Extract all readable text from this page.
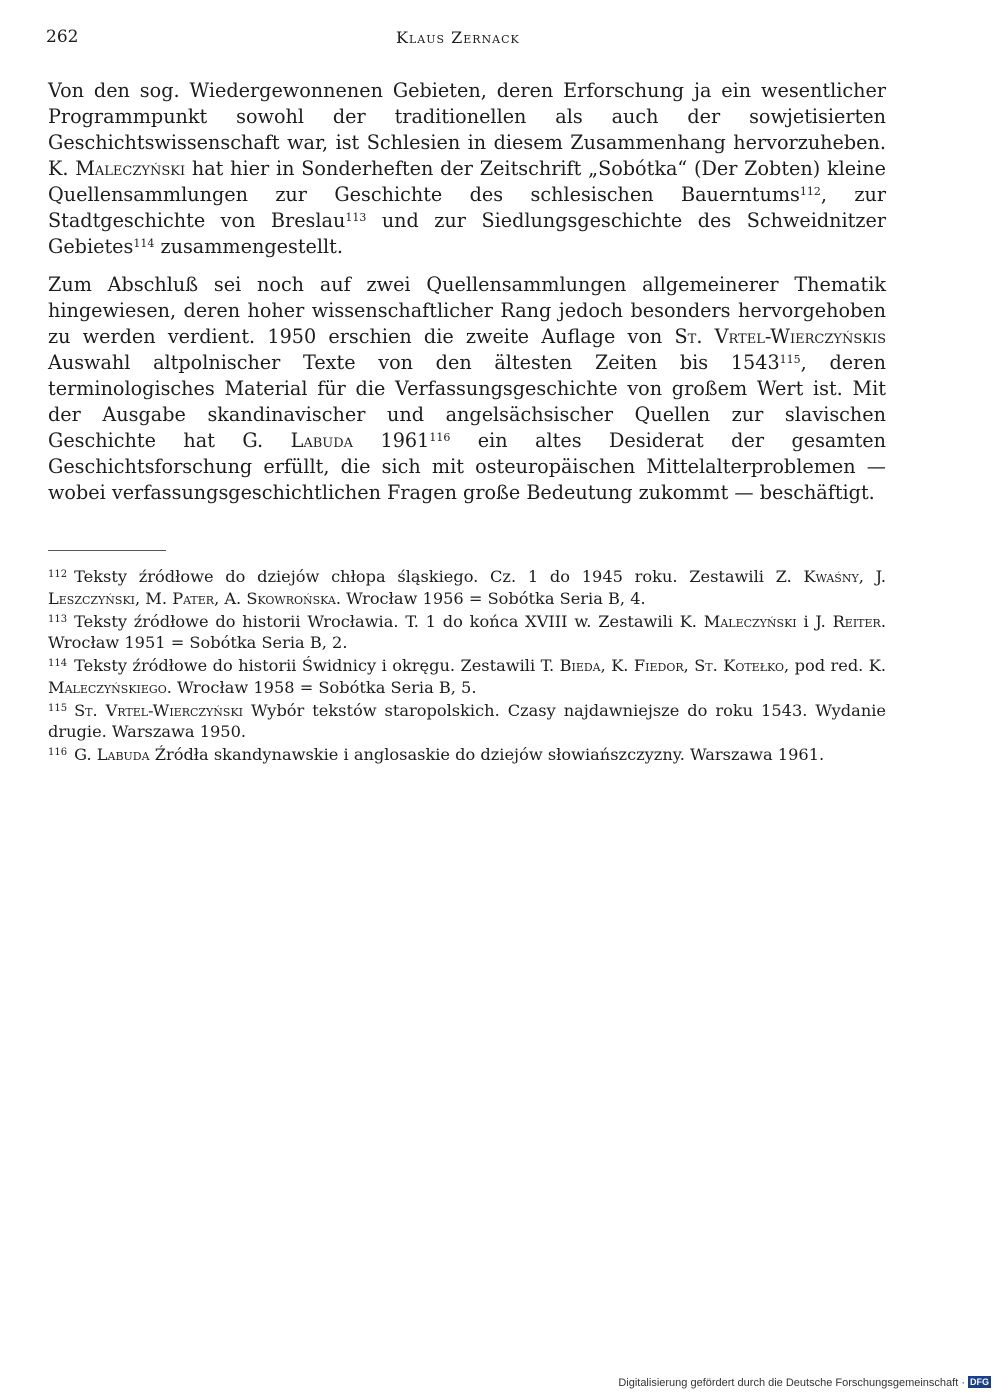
262	Klaus Zernack

Von den sog. Wiedergewonnenen Gebieten, deren Erforschung ja ein wesentlicher Programmpunkt sowohl der traditionellen als auch der sowjetisierten Geschichtswissenschaft war, ist Schlesien in diesem Zusammenhang hervorzuheben. K. Maleczyński hat hier in Sonderheften der Zeitschrift „Sobótka“ (Der Zobten) kleine Quellensammlungen zur Geschichte des schlesischen Bauerntums$^{112}$, zur Stadtgeschichte von Breslau$^{113}$ und zur Siedlungsgeschichte des Schweidnitzer Gebietes$^{114}$ zusammengestellt.

Zum Abschluß sei noch auf zwei Quellensammlungen allgemeinerer Thematik hingewiesen, deren hoher wissenschaftlicher Rang jedoch besonders hervorgehoben zu werden verdient. 1950 erschien die zweite Auflage von St. Vrtel-Wierczyńskis Auswahl altpolnischer Texte von den ältesten Zeiten bis 1543$^{115}$, deren terminologisches Material für die Verfassungsgeschichte von großem Wert ist. Mit der Ausgabe skandinavischer und angelsächsischer Quellen zur slavischen Geschichte hat G. Labuda 1961$^{116}$ ein altes Desiderat der gesamten Geschichtsforschung erfüllt, die sich mit osteuropäischen Mittelalterproblemen — wobei verfassungsgeschichtlichen Fragen große Bedeutung zukommt — beschäftigt.

$^{112}$ Teksty źródłowe do dziejów chłopa śląskiego. Cz. 1 do 1945 roku. Zestawili Z. Kwaśny, J. Leszczyński, M. Pater, A. Skowrońska. Wrocław 1956 = Sobótka Seria B, 4.

$^{113}$ Teksty źródłowe do historii Wrocławia. T. 1 do końca XVIII w. Zestawili K. Maleczyński i J. Reiter. Wrocław 1951 = Sobótka Seria B, 2.

$^{114}$ Teksty źródłowe do historii Świdnicy i okręgu. Zestawili T. Bieda, K. Fiedor, St. Kotełko, pod red. K. Maleczyńskiego. Wrocław 1958 = Sobótka Seria B, 5.

$^{115}$ St. Vrtel-Wierczyński Wybór tekstów staropolskich. Czasy najdawniejsze do roku 1543. Wydanie drugie. Warszawa 1950.

$^{116}$ G. Labuda Źródła skandynawskie i anglosaskie do dziejów słowiańszczyzny. Warszawa 1961.

Digitalisierung gefördert durch die Deutsche Forschungsgemeinschaft · DFG
